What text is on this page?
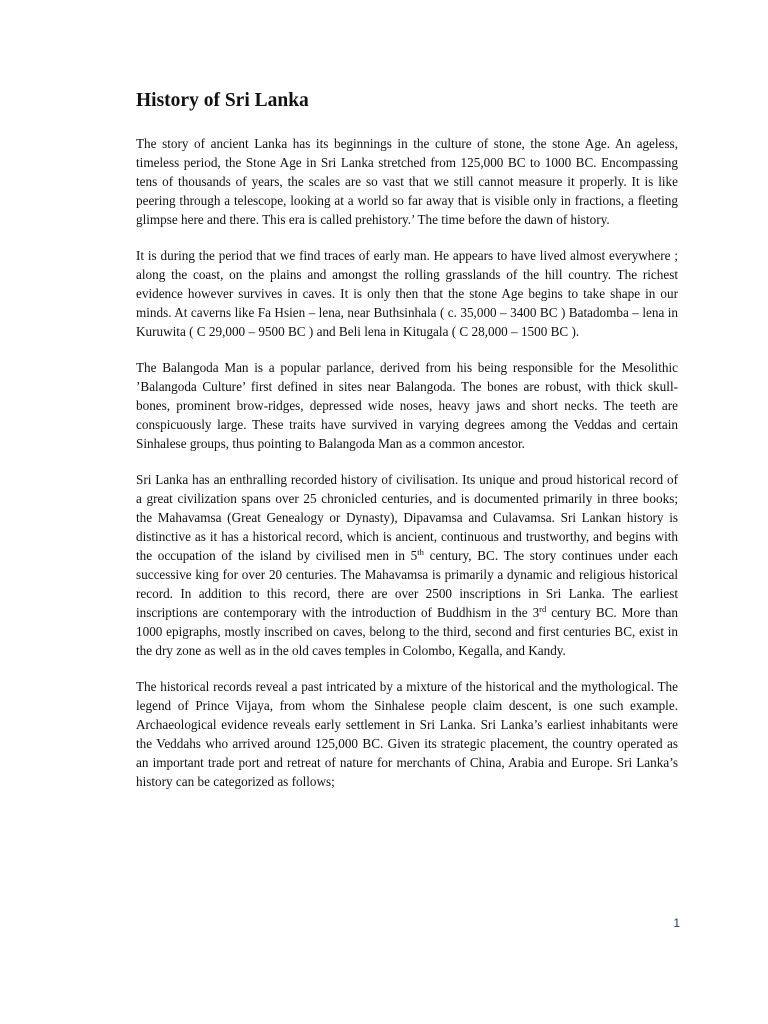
History of Sri Lanka

The story of ancient Lanka has its beginnings in the culture of stone, the stone Age. An ageless, timeless period, the Stone Age in Sri Lanka stretched from 125,000 BC to 1000 BC. Encompassing tens of thousands of years, the scales are so vast that we still cannot measure it properly. It is like peering through a telescope, looking at a world so far away that is visible only in fractions, a fleeting glimpse here and there. This era is called prehistory.’ The time before the dawn of history.

It is during the period that we find traces of early man. He appears to have lived almost everywhere ; along the coast, on the plains and amongst the rolling grasslands of the hill country. The richest evidence however survives in caves. It is only then that the stone Age begins to take shape in our minds. At caverns like Fa Hsien – lena, near Buthsinhala ( c. 35,000 – 3400 BC ) Batadomba – lena in Kuruwita ( C 29,000 – 9500 BC ) and Beli lena in Kitugala ( C 28,000 – 1500 BC ).

The Balangoda Man is a popular parlance, derived from his being responsible for the Mesolithic ’Balangoda Culture’ first defined in sites near Balangoda. The bones are robust, with thick skull-bones, prominent brow-ridges, depressed wide noses, heavy jaws and short necks. The teeth are conspicuously large. These traits have survived in varying degrees among the Veddas and certain Sinhalese groups, thus pointing to Balangoda Man as a common ancestor.

Sri Lanka has an enthralling recorded history of civilisation. Its unique and proud historical record of a great civilization spans over 25 chronicled centuries, and is documented primarily in three books; the Mahavamsa (Great Genealogy or Dynasty), Dipavamsa and Culavamsa. Sri Lankan history is distinctive as it has a historical record, which is ancient, continuous and trustworthy, and begins with the occupation of the island by civilised men in 5th century, BC. The story continues under each successive king for over 20 centuries. The Mahavamsa is primarily a dynamic and religious historical record. In addition to this record, there are over 2500 inscriptions in Sri Lanka. The earliest inscriptions are contemporary with the introduction of Buddhism in the 3rd century BC. More than 1000 epigraphs, mostly inscribed on caves, belong to the third, second and first centuries BC, exist in the dry zone as well as in the old caves temples in Colombo, Kegalla, and Kandy.

The historical records reveal a past intricated by a mixture of the historical and the mythological. The legend of Prince Vijaya, from whom the Sinhalese people claim descent, is one such example. Archaeological evidence reveals early settlement in Sri Lanka. Sri Lanka’s earliest inhabitants were the Veddahs who arrived around 125,000 BC. Given its strategic placement, the country operated as an important trade port and retreat of nature for merchants of China, Arabia and Europe. Sri Lanka’s history can be categorized as follows;

1
